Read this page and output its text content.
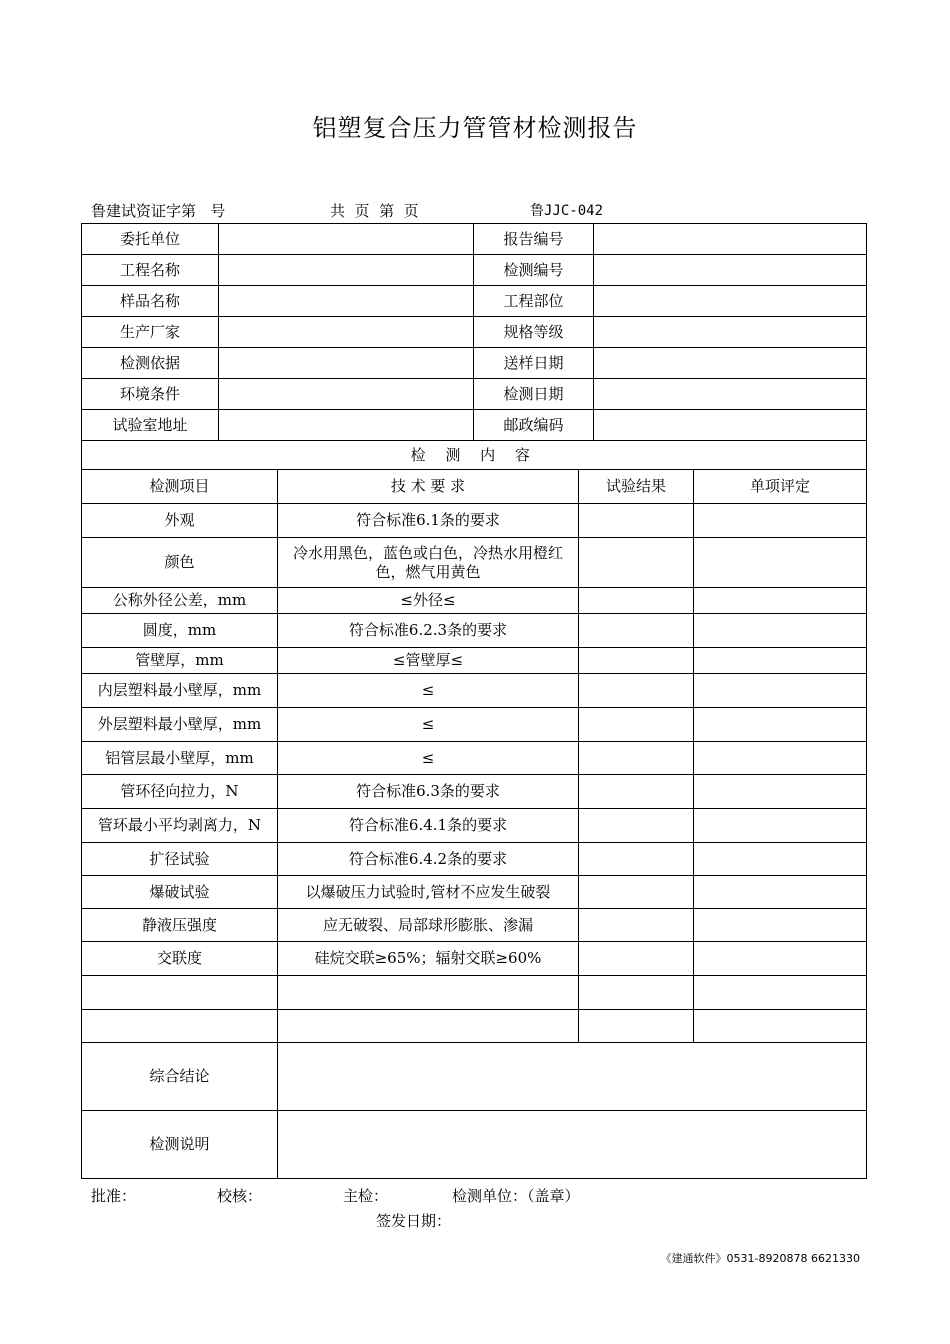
铝塑复合压力管管材检测报告
鲁建试资证字第   号	共  页  第  页	鲁JJC-042
委托单位		报告编号	
工程名称		检测编号	
样品名称		工程部位	
生产厂家		规格等级	
检测依据		送样日期	
环境条件		检测日期	
试验室地址		邮政编码	
检 测 内 容			
检测项目	技 术 要 求	试验结果	单项评定
外观	符合标准6.1条的要求		
颜色	冷水用黑色，蓝色或白色，冷热水用橙红色，燃气用黄色		
公称外径公差，mm	≤外径≤		
圆度，mm	符合标准6.2.3条的要求		
管壁厚，mm	≤管壁厚≤		
内层塑料最小壁厚，mm	≤		
外层塑料最小壁厚，mm	≤		
铝管层最小壁厚，mm	≤		
管环径向拉力，N	符合标准6.3条的要求		
管环最小平均剥离力，N	符合标准6.4.1条的要求		
扩径试验	符合标准6.4.2条的要求		
爆破试验	以爆破压力试验时,管材不应发生破裂		
静液压强度	应无破裂、局部球形膨胀、渗漏		
交联度	硅烷交联≥65%；辐射交联≥60%		

综合结论			
检测说明			
批准：	校核：	主检：	检测单位：（盖章）
签发日期：
《建通软件》0531-8920878 6621330
